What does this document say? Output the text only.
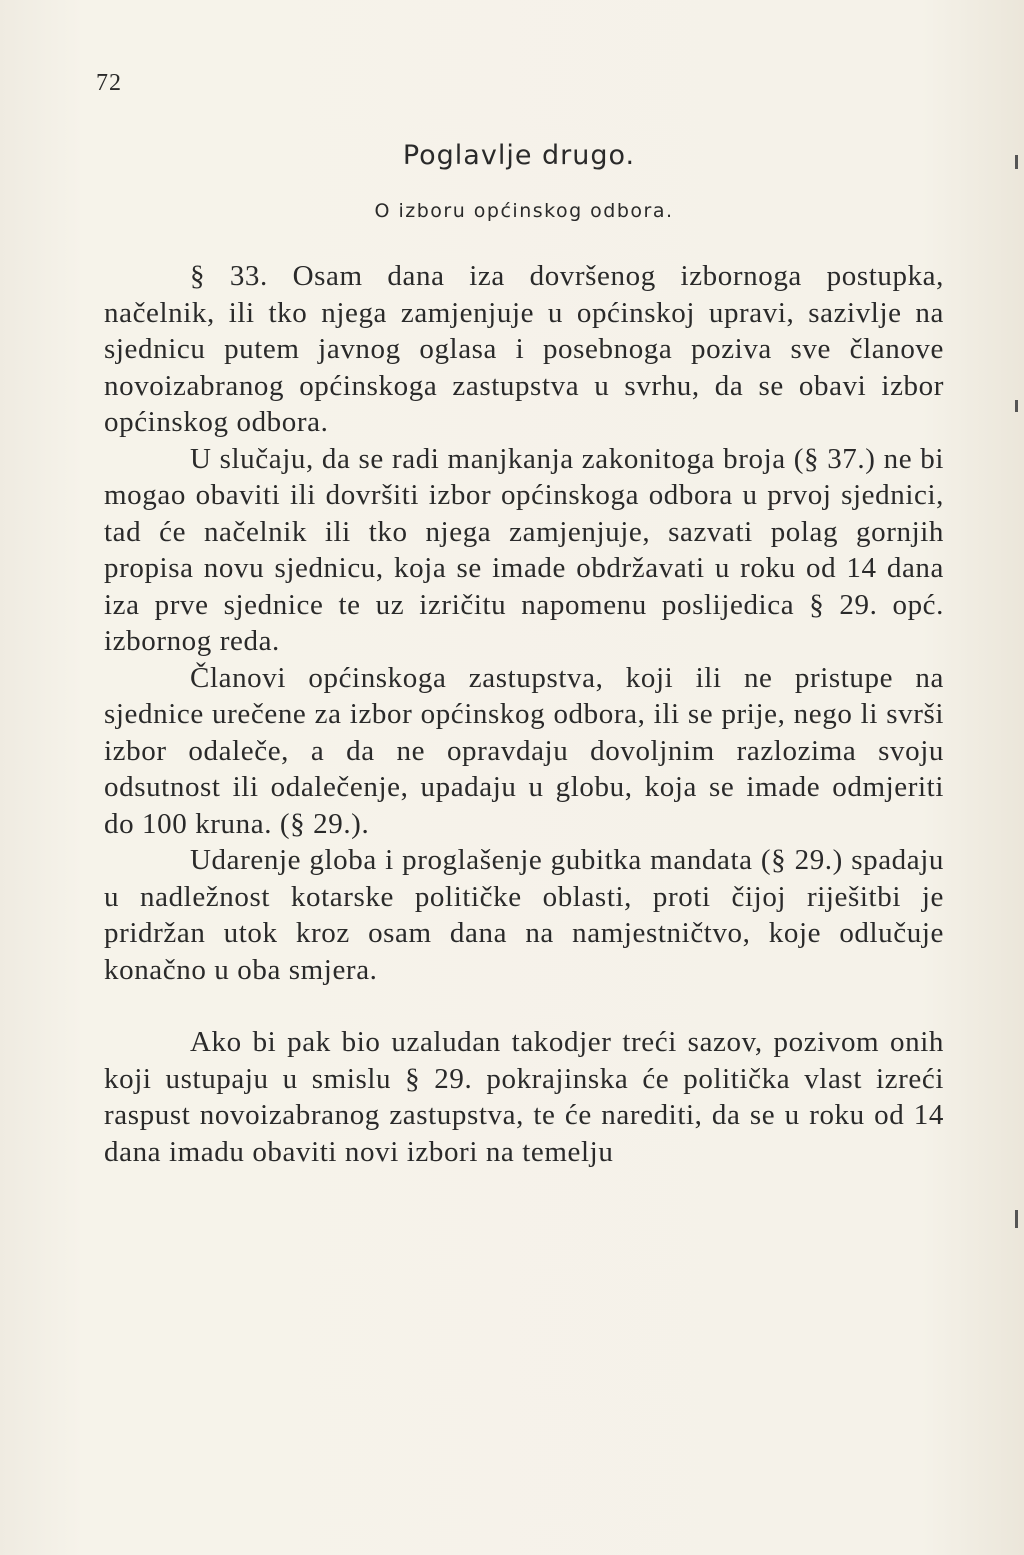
72
Poglavlje drugo.
O izboru općinskog odbora.

§ 33. Osam dana iza dovršenog izbornoga postupka, načelnik, ili tko njega zamjenjuje u općinskoj upravi, sazivlje na sjednicu putem javnog oglasa i posebnoga poziva sve članove novoizabranog općinskoga zastupstva u svrhu, da se obavi izbor općinskog odbora.

U slučaju, da se radi manjkanja zakonitoga broja (§ 37.) ne bi mogao obaviti ili dovršiti izbor općinskoga odbora u prvoj sjednici, tad će načelnik ili tko njega zamjenjuje, sazvati polag gornjih propisa novu sjednicu, koja se imade obdržavati u roku od 14 dana iza prve sjednice te uz izričitu napomenu poslijedica § 29. opć. izbornog reda.

Članovi općinskoga zastupstva, koji ili ne pristupe na sjednice urečene za izbor općinskog odbora, ili se prije, nego li svrši izbor odaleče, a da ne opravdaju dovoljnim razlozima svoju odsutnost ili odalečenje, upadaju u globu, koja se imade odmjeriti do 100 kruna. (§ 29.).

Udarenje globa i proglašenje gubitka mandata (§ 29.) spadaju u nadležnost kotarske političke oblasti, proti čijoj riješitbi je pridržan utok kroz osam dana na namjestničtvo, koje odlučuje konačno u oba smjera.

Ako bi pak bio uzaludan takodjer treći sazov, pozivom onih koji ustupaju u smislu § 29. pokrajinska će politička vlast izreći raspust novoizabranog zastupstva, te će narediti, da se u roku od 14 dana imadu obaviti novi izbori na temelju
